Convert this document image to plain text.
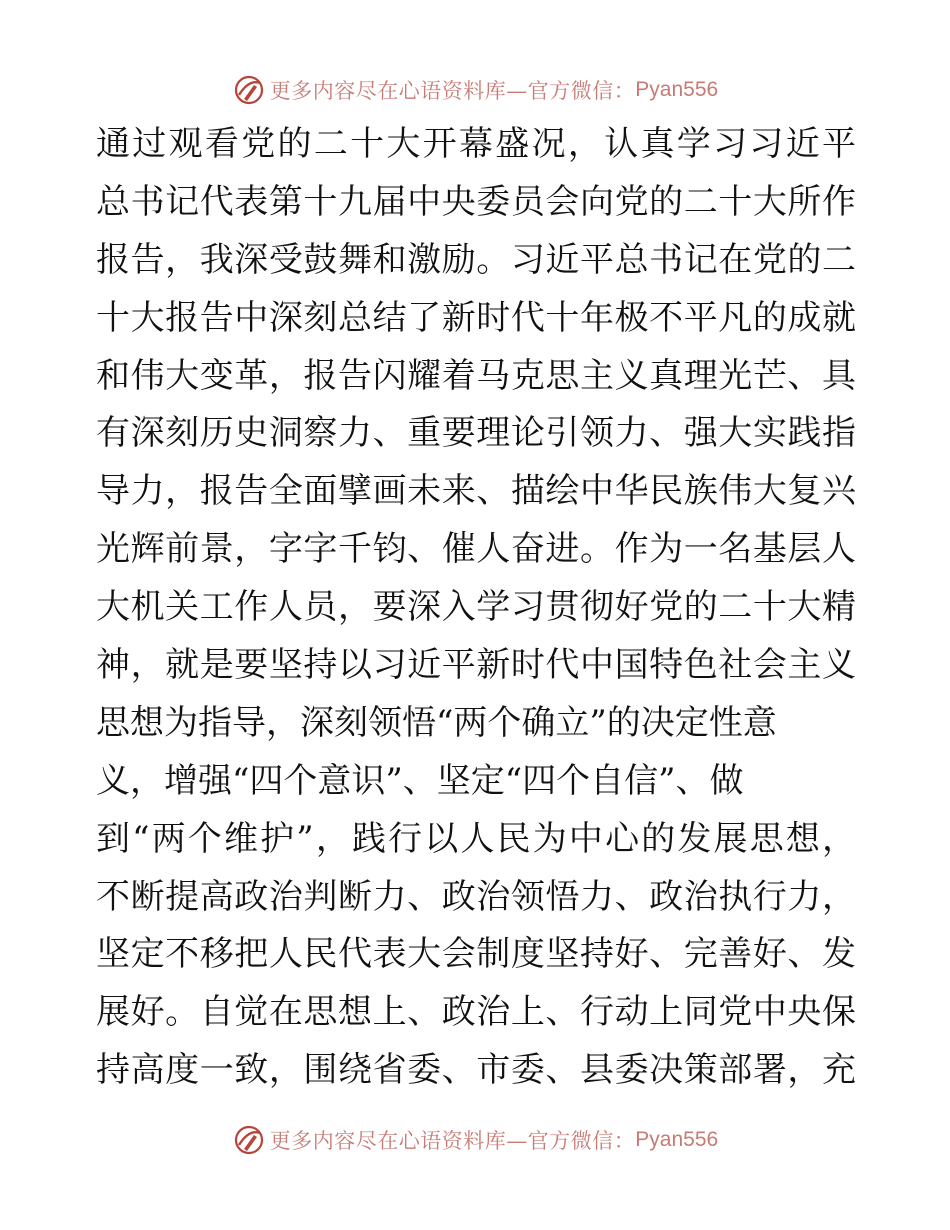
更多内容尽在心语资料库—官方微信： Pyan556
通过观看党的二十大开幕盛况，认真学习习近平
总书记代表第十九届中央委员会向党的二十大所作
报告，我深受鼓舞和激励。习近平总书记在党的二
十大报告中深刻总结了新时代十年极不平凡的成就
和伟大变革，报告闪耀着马克思主义真理光芒、具
有深刻历史洞察力、重要理论引领力、强大实践指
导力，报告全面擘画未来、描绘中华民族伟大复兴
光辉前景，字字千钧、催人奋进。作为一名基层人
大机关工作人员，要深入学习贯彻好党的二十大精
神，就是要坚持以习近平新时代中国特色社会主义
思想为指导，深刻领悟“两个确立”的决定性意
义，增强“四个意识”、坚定“四个自信”、做
到“两个维护”，践行以人民为中心的发展思想，
不断提高政治判断力、政治领悟力、政治执行力，
坚定不移把人民代表大会制度坚持好、完善好、发
展好。自觉在思想上、政治上、行动上同党中央保
持高度一致，围绕省委、市委、县委决策部署，充
更多内容尽在心语资料库—官方微信： Pyan556
